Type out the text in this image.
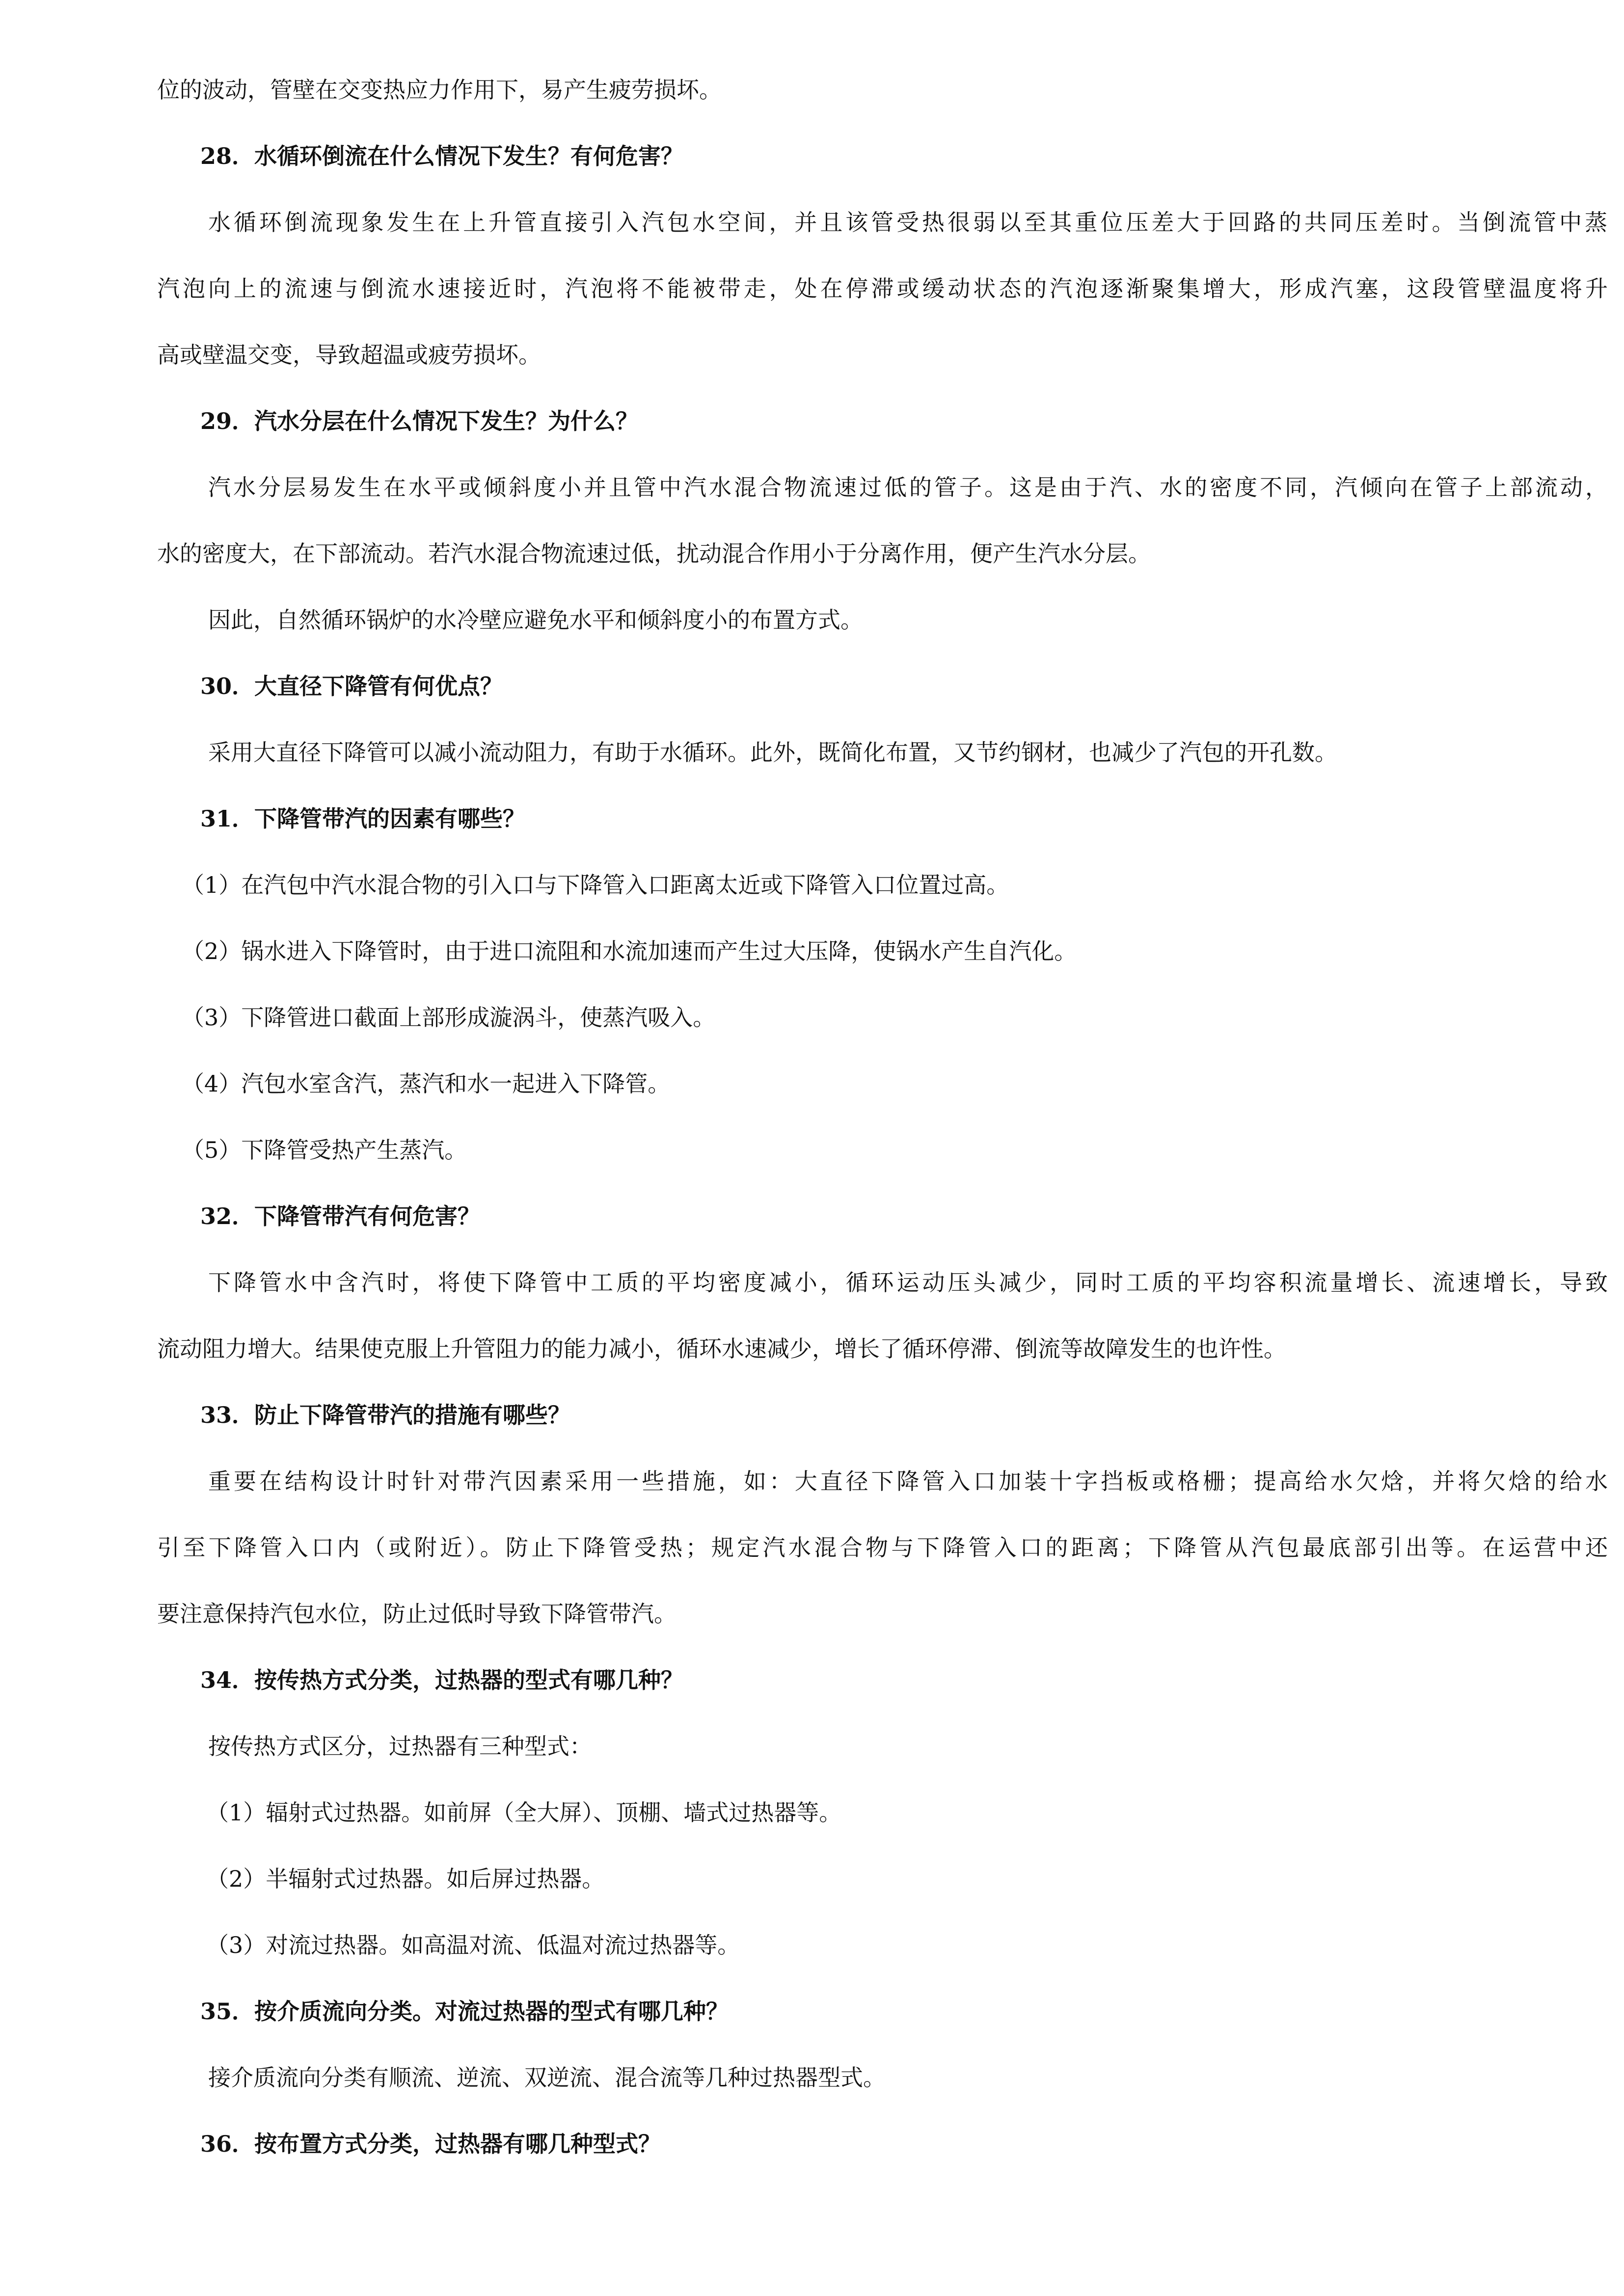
位的波动，管壁在交变热应力作用下，易产生疲劳损坏。
28．水循环倒流在什么情况下发生？有何危害？
水循环倒流现象发生在上升管直接引入汽包水空间，并且该管受热很弱以至其重位压差大于回路的共同压差时。当倒流管中蒸
汽泡向上的流速与倒流水速接近时，汽泡将不能被带走，处在停滞或缓动状态的汽泡逐渐聚集增大，形成汽塞，这段管壁温度将升
高或壁温交变，导致超温或疲劳损坏。
29．汽水分层在什么情况下发生？为什么？
汽水分层易发生在水平或倾斜度小并且管中汽水混合物流速过低的管子。这是由于汽、水的密度不同，汽倾向在管子上部流动，
水的密度大，在下部流动。若汽水混合物流速过低，扰动混合作用小于分离作用，便产生汽水分层。
因此，自然循环锅炉的水冷壁应避免水平和倾斜度小的布置方式。
30．大直径下降管有何优点？
采用大直径下降管可以减小流动阻力，有助于水循环。此外，既简化布置，又节约钢材，也减少了汽包的开孔数。
31．下降管带汽的因素有哪些？
（1）在汽包中汽水混合物的引入口与下降管入口距离太近或下降管入口位置过高。
（2）锅水进入下降管时，由于进口流阻和水流加速而产生过大压降，使锅水产生自汽化。
（3）下降管进口截面上部形成漩涡斗，使蒸汽吸入。
（4）汽包水室含汽，蒸汽和水一起进入下降管。
（5）下降管受热产生蒸汽。
32．下降管带汽有何危害？
下降管水中含汽时，将使下降管中工质的平均密度减小，循环运动压头减少，同时工质的平均容积流量增长、流速增长，导致
流动阻力增大。结果使克服上升管阻力的能力减小，循环水速减少，增长了循环停滞、倒流等故障发生的也许性。
33．防止下降管带汽的措施有哪些？
重要在结构设计时针对带汽因素采用一些措施，如：大直径下降管入口加装十字挡板或格栅；提高给水欠焓，并将欠焓的给水
引至下降管入口内（或附近）。防止下降管受热；规定汽水混合物与下降管入口的距离；下降管从汽包最底部引出等。在运营中还
要注意保持汽包水位，防止过低时导致下降管带汽。
34．按传热方式分类，过热器的型式有哪几种？
按传热方式区分，过热器有三种型式：
（1）辐射式过热器。如前屏（全大屏）、顶棚、墙式过热器等。
（2）半辐射式过热器。如后屏过热器。
（3）对流过热器。如高温对流、低温对流过热器等。
35．按介质流向分类。对流过热器的型式有哪几种？
接介质流向分类有顺流、逆流、双逆流、混合流等几种过热器型式。
36．按布置方式分类，过热器有哪几种型式？
